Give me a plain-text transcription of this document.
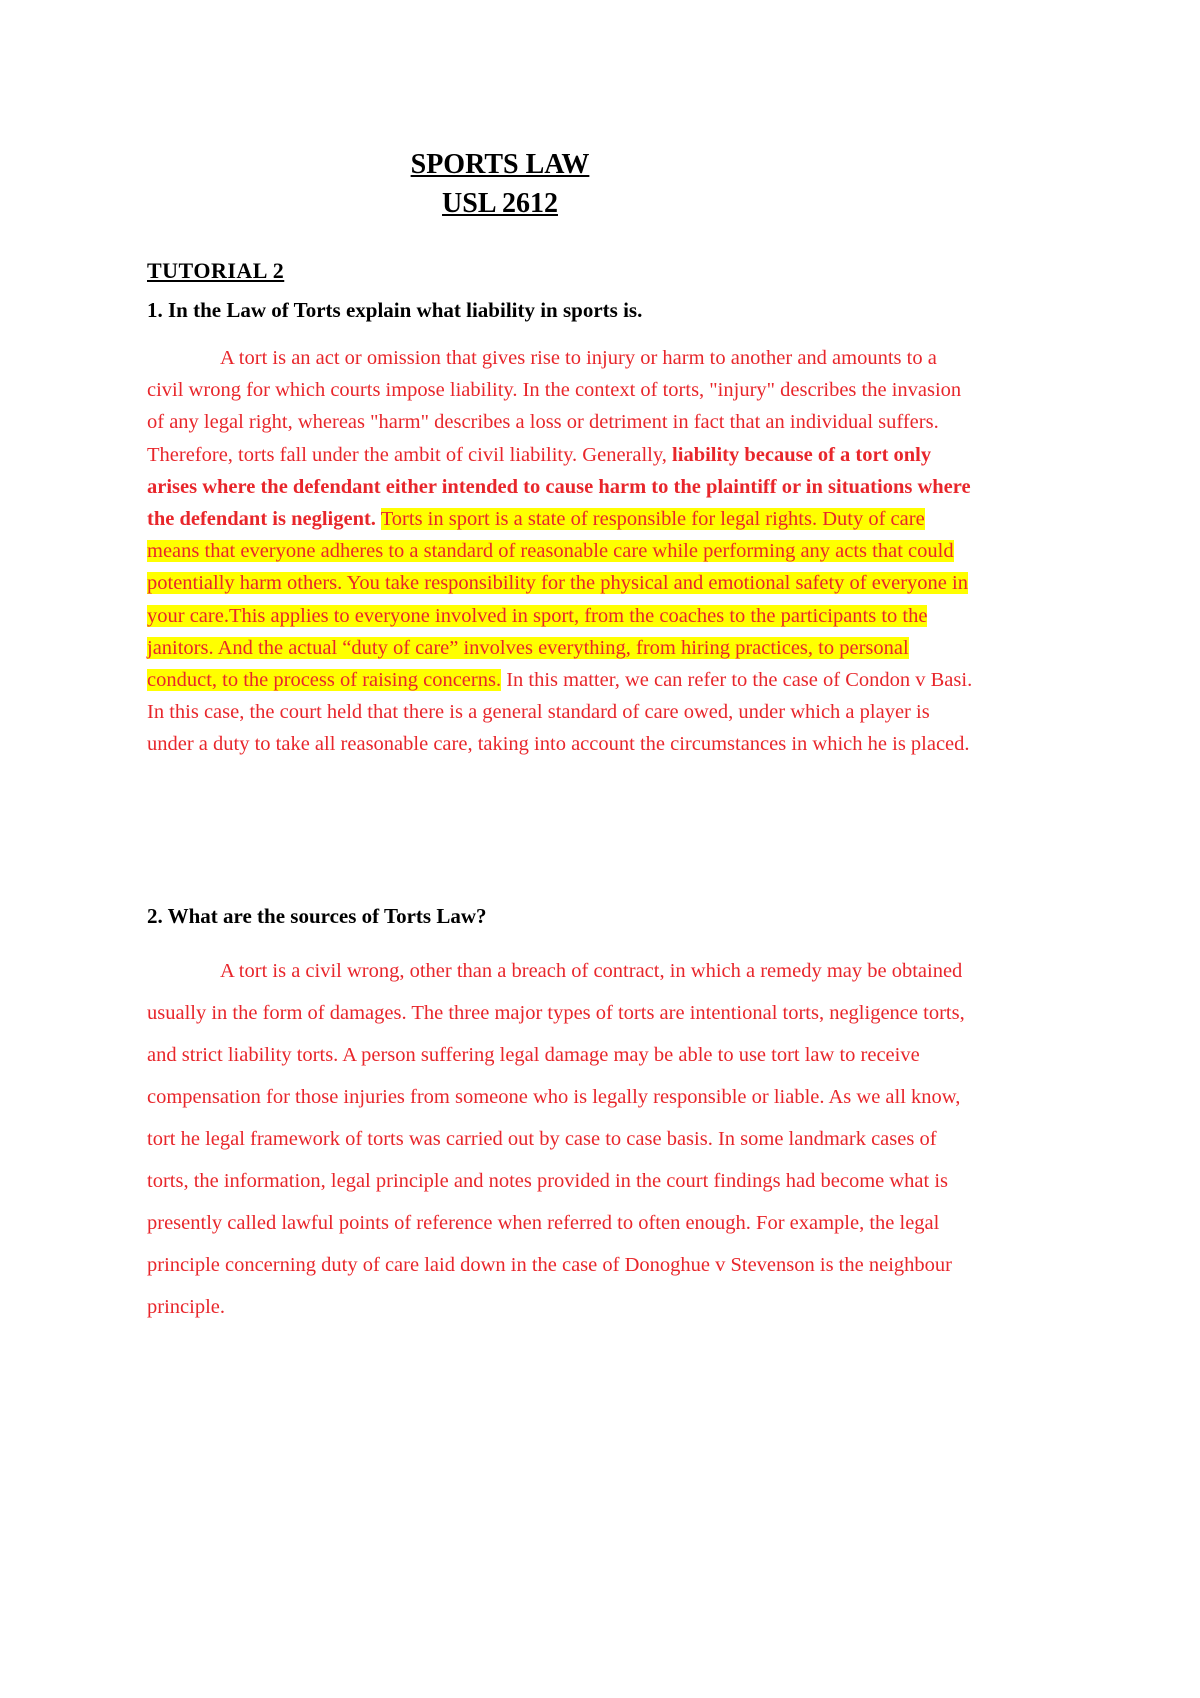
SPORTS LAW
USL 2612
TUTORIAL 2
1. In the Law of Torts explain what liability in sports is.

A tort is an act or omission that gives rise to injury or harm to another and amounts to a civil wrong for which courts impose liability. In the context of torts, "injury" describes the invasion of any legal right, whereas "harm" describes a loss or detriment in fact that an individual suffers. Therefore, torts fall under the ambit of civil liability. Generally, liability because of a tort only arises where the defendant either intended to cause harm to the plaintiff or in situations where the defendant is negligent. Torts in sport is a state of responsible for legal rights. Duty of care means that everyone adheres to a standard of reasonable care while performing any acts that could potentially harm others. You take responsibility for the physical and emotional safety of everyone in your care.This applies to everyone involved in sport, from the coaches to the participants to the janitors. And the actual “duty of care” involves everything, from hiring practices, to personal conduct, to the process of raising concerns. In this matter, we can refer to the case of Condon v Basi. In this case, the court held that there is a general standard of care owed, under which a player is under a duty to take all reasonable care, taking into account the circumstances in which he is placed.

2. What are the sources of Torts Law?

A tort is a civil wrong, other than a breach of contract, in which a remedy may be obtained usually in the form of damages. The three major types of torts are intentional torts, negligence torts, and strict liability torts. A person suffering legal damage may be able to use tort law to receive compensation for those injuries from someone who is legally responsible or liable. As we all know, tort he legal framework of torts was carried out by case to case basis. In some landmark cases of torts, the information, legal principle and notes provided in the court findings had become what is presently called lawful points of reference when referred to often enough. For example, the legal principle concerning duty of care laid down in the case of Donoghue v Stevenson is the neighbour principle.
